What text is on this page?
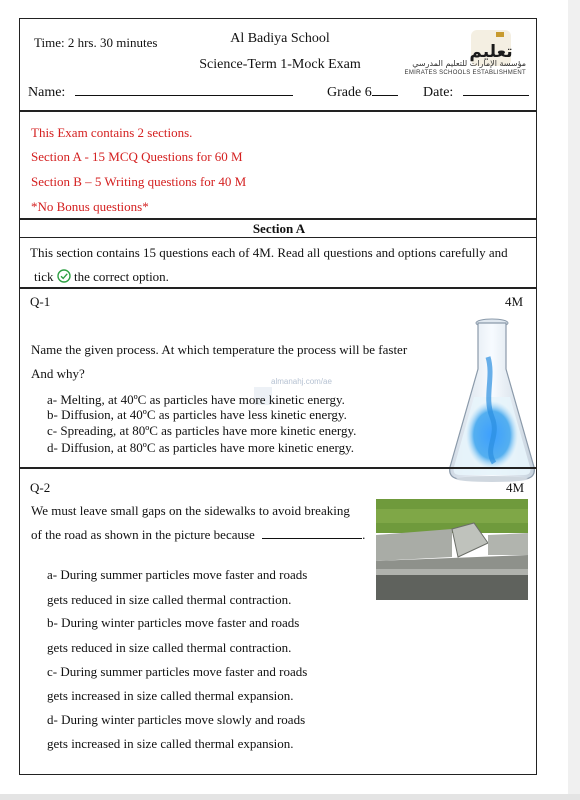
Time: 2 hrs. 30 minutes	Al Badiya School
Science-Term 1-Mock Exam
تعليم
مؤسسة الإمارات للتعليم المدرسي
EMIRATES SCHOOLS ESTABLISHMENT
Name:	Grade 6	Date:
This Exam contains 2 sections.
Section A - 15 MCQ Questions for 60 M
Section B – 5 Writing questions for 40 M
*No Bonus questions*
Section A
This section contains 15 questions each of 4M. Read all questions and options carefully and
tick the correct option.
Q-1	4M
Name the given process. At which temperature the process will be faster
And why?
almanahj.com/ae
a- Melting, at 40ºC as particles have more kinetic energy.
b- Diffusion, at 40ºC as particles have less kinetic energy.
c- Spreading, at 80ºC as particles have more kinetic energy.
d- Diffusion, at 80ºC as particles have more kinetic energy.
Q-2	4M
We must leave small gaps on the sidewalks to avoid breaking
of the road as shown in the picture because	.
a- During summer particles move faster and roads
gets reduced in size called thermal contraction.
b- During winter particles move faster and roads
gets reduced in size called thermal contraction.
c- During summer particles move faster and roads
gets increased in size called thermal expansion.
d- During winter particles move slowly and roads
gets increased in size called thermal expansion.
